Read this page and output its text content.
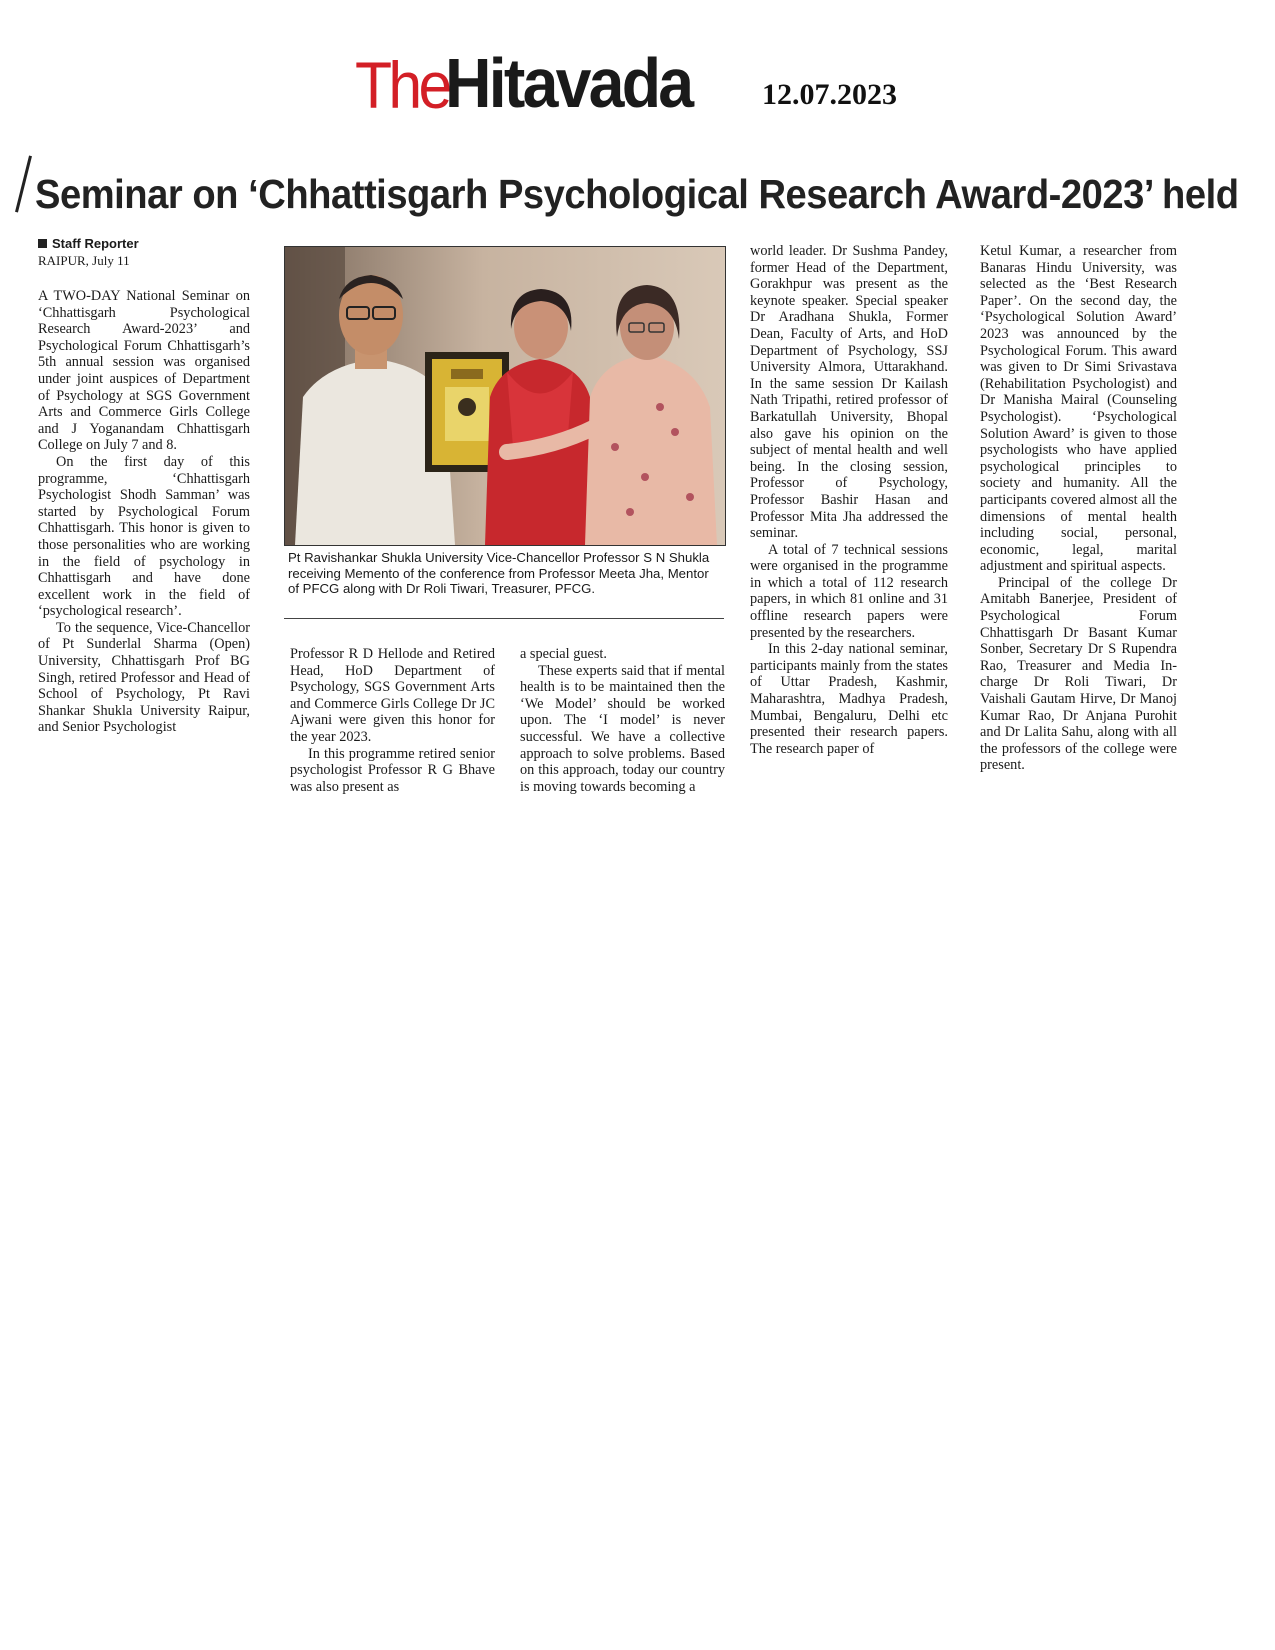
The
Hitavada 12.07.2023
Seminar on ‘Chhattisgarh Psychological Research Award-2023’ held
Staff Reporter
RAIPUR, July 11

A TWO-DAY National Seminar on ‘Chhattisgarh Psychological Research Award-2023’ and Psychological Forum Chhattisgarh’s 5th annual session was organised under joint auspices of Department of Psychology at SGS Government Arts and Commerce Girls College and J Yoganandam Chhattisgarh College on July 7 and 8.

On the first day of this programme, ‘Chhattisgarh Psychologist Shodh Samman’ was started by Psychological Forum Chhattisgarh. This honor is given to those personalities who are working in the field of psychology in Chhattisgarh and have done excellent work in the field of ‘psychological research’.

To the sequence, Vice-Chancellor of Pt Sunderlal Sharma (Open) University, Chhattisgarh Prof BG Singh, retired Professor and Head of School of Psychology, Pt Ravi Shankar Shukla University Raipur, and Senior Psychologist

Pt Ravishankar Shukla University Vice-Chancellor Professor S N Shukla receiving Memento of the conference from Professor Meeta Jha, Mentor of PFCG along with Dr Roli Tiwari, Treasurer, PFCG.

Professor R D Hellode and Retired Head, HoD Department of Psychology, SGS Government Arts and Commerce Girls College Dr JC Ajwani were given this honor for the year 2023.

In this programme retired senior psychologist Professor R G Bhave was also present as

a special guest.

These experts said that if mental health is to be maintained then the ‘We Model’ should be worked upon. The ‘I model’ is never successful. We have a collective approach to solve problems. Based on this approach, today our country is moving towards becoming a

world leader. Dr Sushma Pandey, former Head of the Department, Gorakhpur was present as the keynote speaker. Special speaker Dr Aradhana Shukla, Former Dean, Faculty of Arts, and HoD Department of Psychology, SSJ University Almora, Uttarakhand. In the same session Dr Kailash Nath Tripathi, retired professor of Barkatullah University, Bhopal also gave his opinion on the subject of mental health and well being. In the closing session, Professor of Psychology, Professor Bashir Hasan and Professor Mita Jha addressed the seminar.

A total of 7 technical sessions were organised in the programme in which a total of 112 research papers, in which 81 online and 31 offline research papers were presented by the researchers.

In this 2-day national seminar, participants mainly from the states of Uttar Pradesh, Kashmir, Maharashtra, Madhya Pradesh, Mumbai, Bengaluru, Delhi etc presented their research papers. The research paper of

Ketul Kumar, a researcher from Banaras Hindu University, was selected as the ‘Best Research Paper’. On the second day, the ‘Psychological Solution Award’ 2023 was announced by the Psychological Forum. This award was given to Dr Simi Srivastava (Rehabilitation Psychologist) and Dr Manisha Mairal (Counseling Psychologist). ‘Psychological Solution Award’ is given to those psychologists who have applied psychological principles to society and humanity. All the participants covered almost all the dimensions of mental health including social, personal, economic, legal, marital adjustment and spiritual aspects.

Principal of the college Dr Amitabh Banerjee, President of Psychological Forum Chhattisgarh Dr Basant Kumar Sonber, Secretary Dr S Rupendra Rao, Treasurer and Media In-charge Dr Roli Tiwari, Dr Vaishali Gautam Hirve, Dr Manoj Kumar Rao, Dr Anjana Purohit and Dr Lalita Sahu, along with all the professors of the college were present.
